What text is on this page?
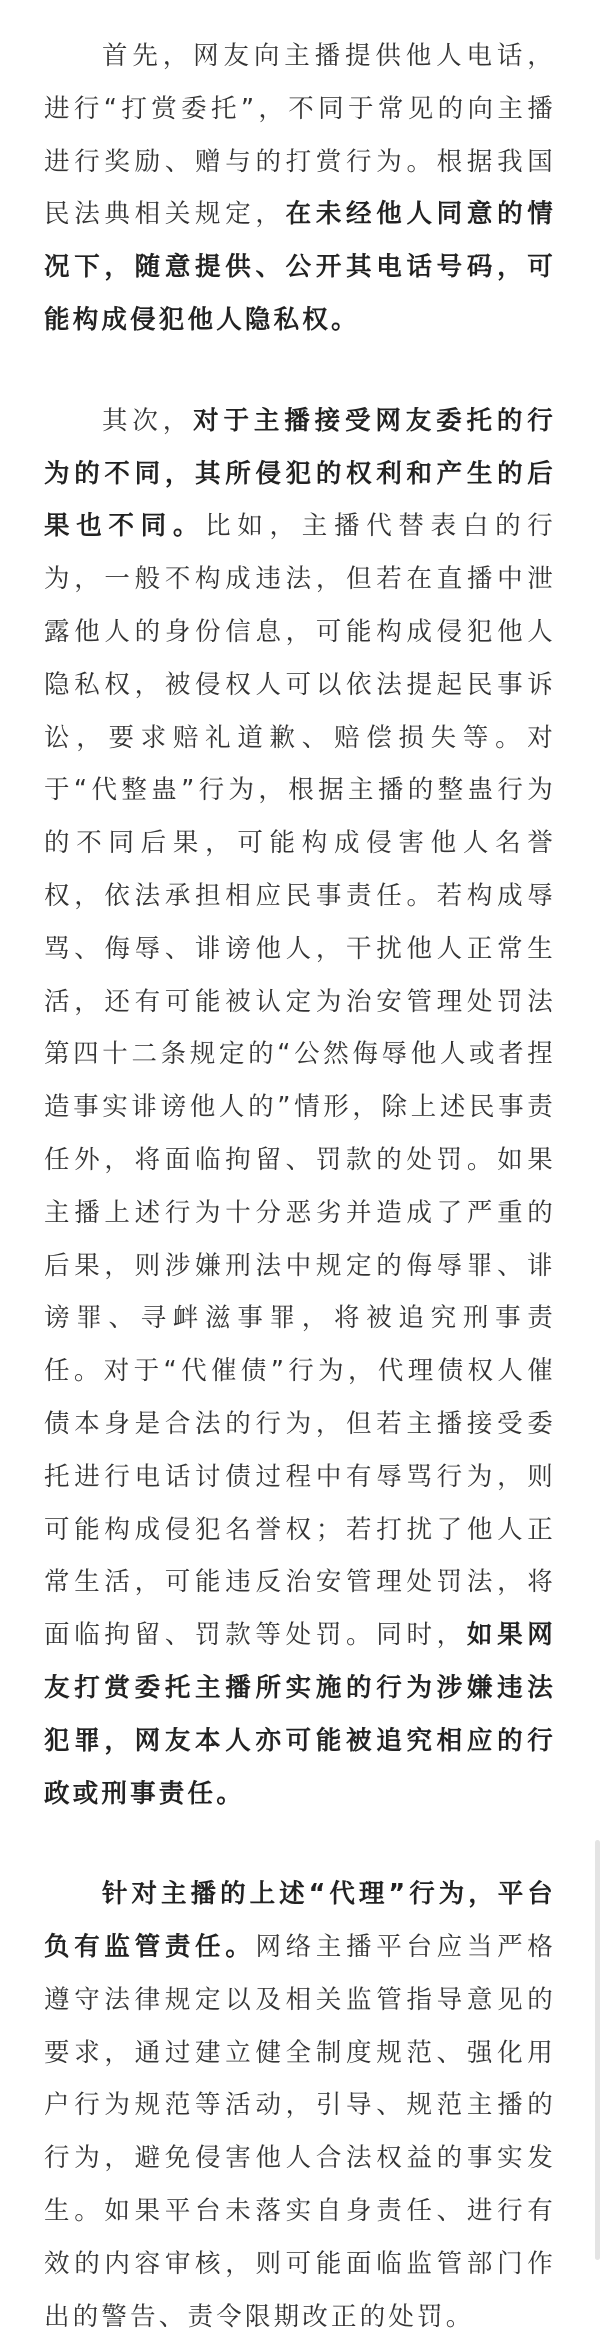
首先，网友向主播提供他人电话，进行“打赏委托”，不同于常见的向主播进行奖励、赠与的打赏行为。根据我国民法典相关规定，在未经他人同意的情况下，随意提供、公开其电话号码，可能构成侵犯他人隐私权。

其次，对于主播接受网友委托的行为的不同，其所侵犯的权利和产生的后果也不同。比如，主播代替表白的行为，一般不构成违法，但若在直播中泄露他人的身份信息，可能构成侵犯他人隐私权，被侵权人可以依法提起民事诉讼，要求赔礼道歉、赔偿损失等。对于“代整蛊”行为，根据主播的整蛊行为的不同后果，可能构成侵害他人名誉权，依法承担相应民事责任。若构成辱骂、侮辱、诽谤他人，干扰他人正常生活，还有可能被认定为治安管理处罚法第四十二条规定的“公然侮辱他人或者捏造事实诽谤他人的”情形，除上述民事责任外，将面临拘留、罚款的处罚。如果主播上述行为十分恶劣并造成了严重的后果，则涉嫌刑法中规定的侮辱罪、诽谤罪、寻衅滋事罪，将被追究刑事责任。对于“代催债”行为，代理债权人催债本身是合法的行为，但若主播接受委托进行电话讨债过程中有辱骂行为，则可能构成侵犯名誉权；若打扰了他人正常生活，可能违反治安管理处罚法，将面临拘留、罚款等处罚。同时，如果网友打赏委托主播所实施的行为涉嫌违法犯罪，网友本人亦可能被追究相应的行政或刑事责任。

针对主播的上述“代理”行为，平台负有监管责任。网络主播平台应当严格遵守法律规定以及相关监管指导意见的要求，通过建立健全制度规范、强化用户行为规范等活动，引导、规范主播的行为，避免侵害他人合法权益的事实发生。如果平台未落实自身责任、进行有效的内容审核，则可能面临监管部门作出的警告、责令限期改正的处罚。
